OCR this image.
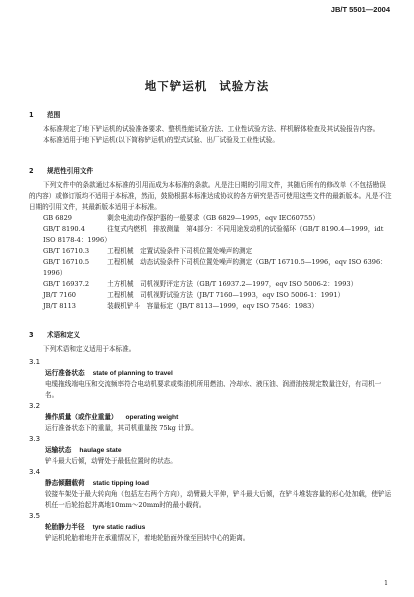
JB/T 5501—2004
地下铲运机 试验方法
1 范围
本标准规定了地下铲运机的试验准备要求、整机性能试验方法、工业性试验方法、样机解体检查及其试验报告内容。
本标准适用于地下铲运机(以下简称铲运机)的型式试验、出厂试验及工业性试验。
2 规范性引用文件
下列文件中的条款通过本标准的引用而成为本标准的条款。凡是注日期的引用文件，其随后所有的修改单（不包括勘误的内容）或修订版均不适用于本标准，然而，鼓励根据本标准达成协议的各方研究是否可使用这些文件的最新版本。凡是不注日期的引用文件，其最新版本适用于本标准。
GB 6829	剩余电流动作保护器的一般要求（GB 6829—1995，eqv IEC60755）
GB/T 8190.4	往复式内燃机　排放测量　第4部分：不同用途发动机的试验循环（GB/T 8190.4—1999，idt ISO 8178-4：1996）
GB/T 16710.3	工程机械　定置试验条件下司机位置处噪声的测定
GB/T 16710.5	工程机械　动态试验条件下司机位置处噪声的测定（GB/T 16710.5—1996，eqv ISO 6396：1996）
GB/T 16937.2	土方机械　司机视野评定方法（GB/T 16937.2—1997，eqv ISO 5006-2：1993）
JB/T 7160	工程机械　司机视野试验方法（JB/T 7160—1993，eqv ISO 5006-1：1991）
JB/T 8113	装载机铲斗　容量标定（JB/T 8113—1999，eqv ISO 7546：1983）
3 术语和定义
下列术语和定义适用于本标准。
3.1
运行准备状态 state of planning to travel
电缆拖线端电压和交流频率符合电动机要求或柴油机所用燃油、冷却水、液压油、润滑油按规定数量注好，有司机一名。
3.2
操作质量（或作业重量） operating weight
运行准备状态下的重量，其司机重量按 75kg 计算。
3.3
运输状态 haulage state
铲斗最大后倾，动臂处于最低位置时的状态。
3.4
静态倾翻载荷 static tipping load
铰接车架处于最大转向角（包括左右两个方向），动臂最大平伸，铲斗最大后倾，在铲斗堆装容量的形心处加载，使铲运机任一后轮抬起并离地10mm～20mm时的最小载荷。
3.5
轮胎静力半径 tyre static radius
铲运机轮胎着地并在承重情况下，着地轮胎面外缘至回转中心的距离。
1
